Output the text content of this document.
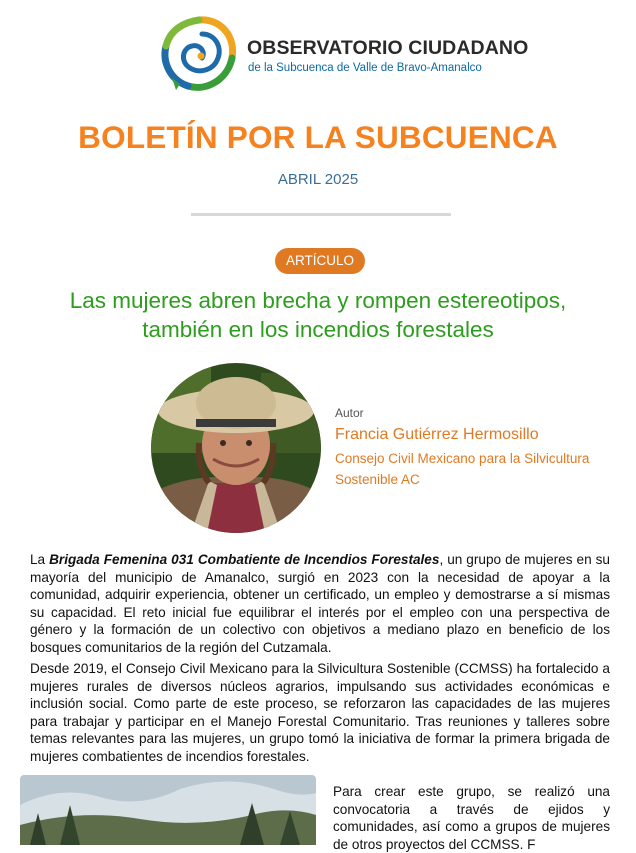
OBSERVATORIO CIUDADANO
de la Subcuenca de Valle de Bravo-Amanalco
BOLETÍN POR LA SUBCUENCA
ABRIL 2025
ARTÍCULO
Las mujeres abren brecha y rompen estereotipos,
también en los incendios forestales
Autor
Francia Gutiérrez Hermosillo
Consejo Civil Mexicano para la Silvicultura Sostenible AC

La Brigada Femenina 031 Combatiente de Incendios Forestales, un grupo de mujeres en su mayoría del municipio de Amanalco, surgió en 2023 con la necesidad de apoyar a la comunidad, adquirir experiencia, obtener un certificado, un empleo y demostrarse a sí mismas su capacidad. El reto inicial fue equilibrar el interés por el empleo con una perspectiva de género y la formación de un colectivo con objetivos a mediano plazo en beneficio de los bosques comunitarios de la región del Cutzamala.

Desde 2019, el Consejo Civil Mexicano para la Silvicultura Sostenible (CCMSS) ha fortalecido a mujeres rurales de diversos núcleos agrarios, impulsando sus actividades económicas e inclusión social. Como parte de este proceso, se reforzaron las capacidades de las mujeres para trabajar y participar en el Manejo Forestal Comunitario. Tras reuniones y talleres sobre temas relevantes para las mujeres, un grupo tomó la iniciativa de formar la primera brigada de mujeres combatientes de incendios forestales.

Para crear este grupo, se realizó una convocatoria a través de ejidos y comunidades, así como a grupos de mujeres de otros proyectos del CCMSS. F
